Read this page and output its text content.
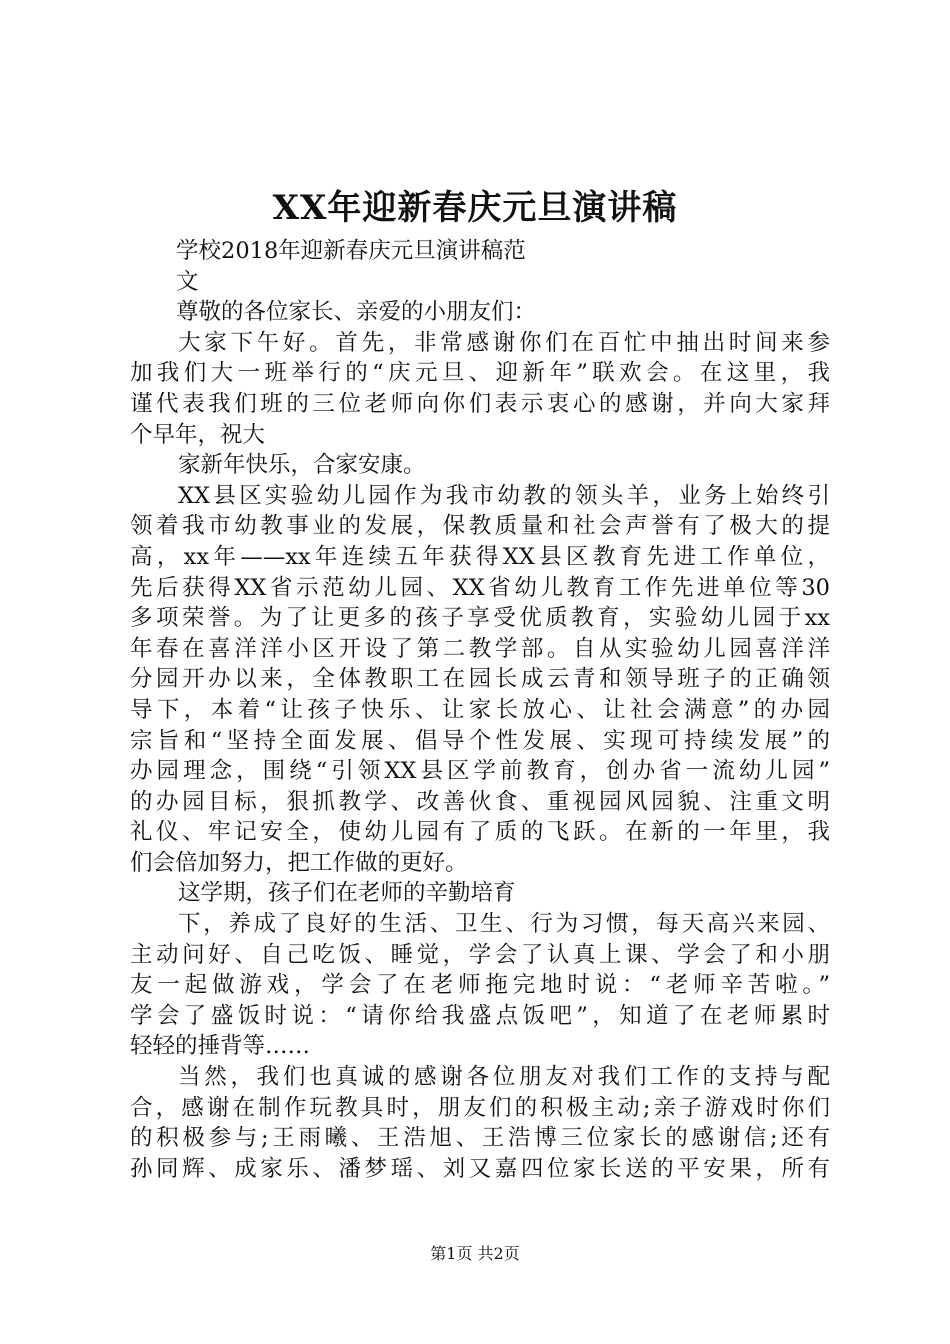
XX年迎新春庆元旦演讲稿
学校2018年迎新春庆元旦演讲稿范
文
尊敬的各位家长、亲爱的小朋友们：
大家下午好。首先，非常感谢你们在百忙中抽出时间来参
加我们大一班举行的“庆元旦、迎新年”联欢会。在这里，我
谨代表我们班的三位老师向你们表示衷心的感谢，并向大家拜
个早年，祝大
家新年快乐，合家安康。
XX县区实验幼儿园作为我市幼教的领头羊，业务上始终引
领着我市幼教事业的发展，保教质量和社会声誉有了极大的提
高，xx年——xx年连续五年获得XX县区教育先进工作单位，
先后获得XX省示范幼儿园、XX省幼儿教育工作先进单位等30
多项荣誉。为了让更多的孩子享受优质教育，实验幼儿园于xx
年春在喜洋洋小区开设了第二教学部。自从实验幼儿园喜洋洋
分园开办以来，全体教职工在园长成云青和领导班子的正确领
导下，本着“让孩子快乐、让家长放心、让社会满意”的办园
宗旨和“坚持全面发展、倡导个性发展、实现可持续发展”的
办园理念，围绕“引领XX县区学前教育，创办省一流幼儿园”
的办园目标，狠抓教学、改善伙食、重视园风园貌、注重文明
礼仪、牢记安全，使幼儿园有了质的飞跃。在新的一年里，我
们会倍加努力，把工作做的更好。
这学期，孩子们在老师的辛勤培育
下，养成了良好的生活、卫生、行为习惯，每天高兴来园、
主动问好、自己吃饭、睡觉，学会了认真上课、学会了和小朋
友一起做游戏，学会了在老师拖完地时说：“老师辛苦啦。”
学会了盛饭时说：“请你给我盛点饭吧”，知道了在老师累时
轻轻的捶背等……
当然，我们也真诚的感谢各位朋友对我们工作的支持与配
合，感谢在制作玩教具时，朋友们的积极主动;亲子游戏时你们
的积极参与;王雨曦、王浩旭、王浩博三位家长的感谢信;还有
孙同辉、成家乐、潘梦瑶、刘又嘉四位家长送的平安果，所有
第1页 共2页
